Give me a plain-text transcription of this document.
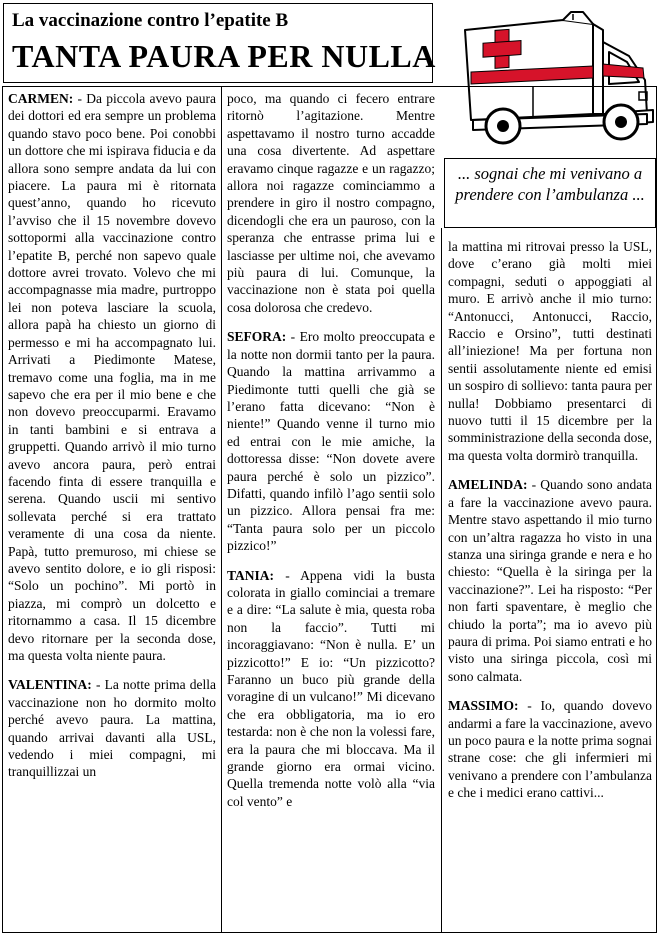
La vaccinazione contro l’epatite B
TANTA PAURA PER NULLA
... sognai che mi venivano a prendere con l’ambulanza ...

CARMEN: - Da piccola avevo paura dei dottori ed era sempre un problema quando stavo poco bene. Poi conobbi un dottore che mi ispirava fiducia e da allora sono sempre andata da lui con piacere. La paura mi è ritornata quest’anno, quando ho ricevuto l’avviso che il 15 novembre dovevo sottopormi alla vaccinazione contro l’epatite B, perché non sapevo quale dottore avrei trovato. Volevo che mi accompagnasse mia madre, purtroppo lei non poteva lasciare la scuola, allora papà ha chiesto un giorno di permesso e mi ha accompagnato lui. Arrivati a Piedimonte Matese, tremavo come una foglia, ma in me sapevo che era per il mio bene e che non dovevo preoccuparmi. Eravamo in tanti bambini e si entrava a gruppetti. Quando arrivò il mio turno avevo ancora paura, però entrai facendo finta di essere tranquilla e serena. Quando uscii mi sentivo sollevata perché si era trattato veramente di una cosa da niente. Papà, tutto premuroso, mi chiese se avevo sentito dolore, e io gli risposi: “Solo un pochino”. Mi portò in piazza, mi comprò un dolcetto e ritornammo a casa. Il 15 dicembre devo ritornare per la seconda dose, ma questa volta niente paura.

VALENTINA: - La notte prima della vaccinazione non ho dormito molto perché avevo paura. La mattina, quando arrivai davanti alla USL, vedendo i miei compagni, mi tranquillizzai un

poco, ma quando ci fecero entrare ritornò l’agitazione. Mentre aspettavamo il nostro turno accadde una cosa divertente. Ad aspettare eravamo cinque ragazze e un ragazzo; allora noi ragazze cominciammo a prendere in giro il nostro compagno, dicendogli che era un pauroso, con la speranza che entrasse prima lui e lasciasse per ultime noi, che avevamo più paura di lui. Comunque, la vaccinazione non è stata poi quella cosa dolorosa che credevo.

SEFORA: - Ero molto preoccupata e la notte non dormii tanto per la paura. Quando la mattina arrivammo a Piedimonte tutti quelli che già se l’erano fatta dicevano: “Non è niente!” Quando venne il turno mio ed entrai con le mie amiche, la dottoressa disse: “Non dovete avere paura perché è solo un pizzico”. Difatti, quando infilò l’ago sentii solo un pizzico. Allora pensai fra me: “Tanta paura solo per un piccolo pizzico!”

TANIA: - Appena vidi la busta colorata in giallo cominciai a tremare e a dire: “La salute è mia, questa roba non la faccio”. Tutti mi incoraggiavano: “Non è nulla. E’ un pizzicotto!” E io: “Un pizzicotto? Faranno un buco più grande della voragine di un vulcano!” Mi dicevano che era obbligatoria, ma io ero testarda: non è che non la volessi fare, era la paura che mi bloccava. Ma il grande giorno era ormai vicino. Quella tremenda notte volò alla “via col vento” e

la mattina mi ritrovai presso la USL, dove c’erano già molti miei compagni, seduti o appoggiati al muro. E arrivò anche il mio turno: “Antonucci, Antonucci, Raccio, Raccio e Orsino”, tutti destinati all’iniezione! Ma per fortuna non sentii assolutamente niente ed emisi un sospiro di sollievo: tanta paura per nulla! Dobbiamo presentarci di nuovo tutti il 15 dicembre per la somministrazione della seconda dose, ma questa volta dormirò tranquilla.

AMELINDA: - Quando sono andata a fare la vaccinazione avevo paura. Mentre stavo aspettando il mio turno con un’altra ragazza ho visto in una stanza una siringa grande e nera e ho chiesto: “Quella è la siringa per la vaccinazione?”. Lei ha risposto: “Per non farti spaventare, è meglio che chiudo la porta”; ma io avevo più paura di prima. Poi siamo entrati e ho visto una siringa piccola, così mi sono calmata.

MASSIMO: - Io, quando dovevo andarmi a fare la vaccinazione, avevo un poco paura e la notte prima sognai strane cose: che gli infermieri mi venivano a prendere con l’ambulanza e che i medici erano cattivi...
